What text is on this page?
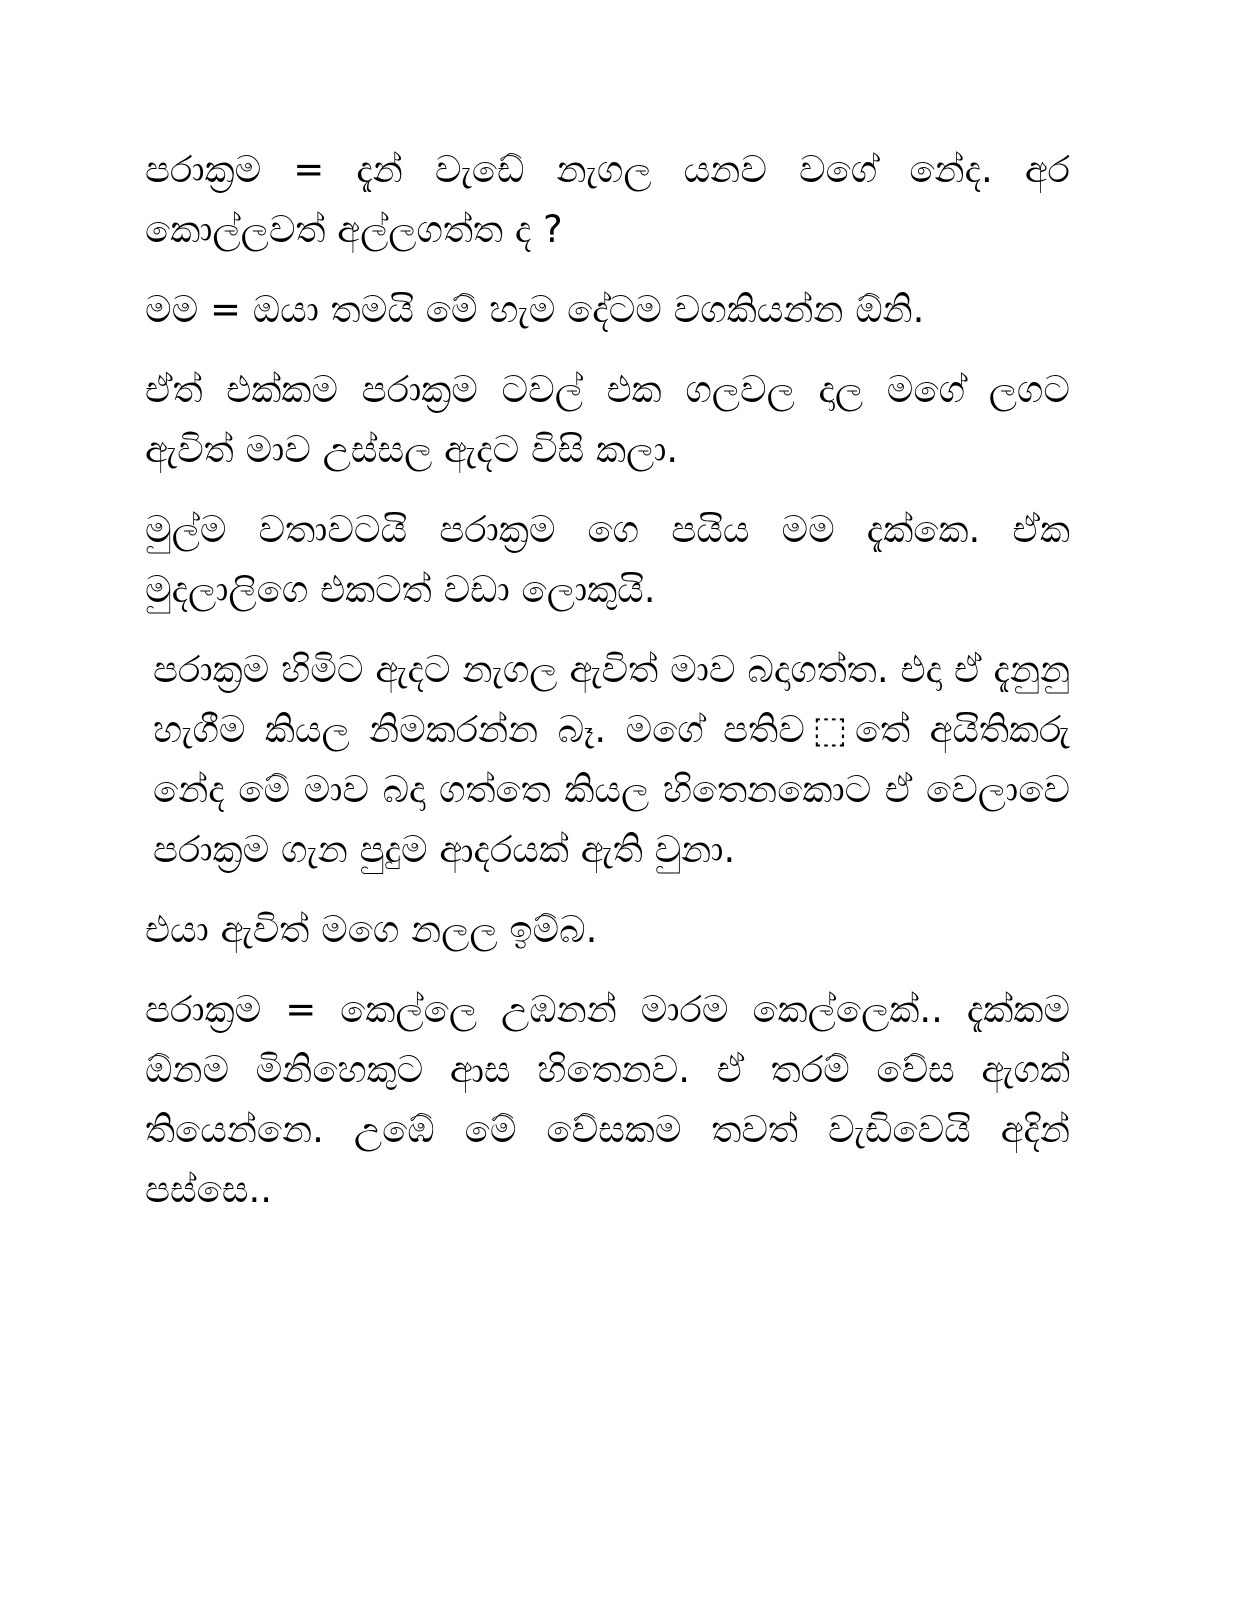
පරාක්‍රම = දැන් වැඩේ නැගල යනව වගේ නේද. අර කොල්ලවත් අල්ලගත්ත ද ?

මම = ඔයා තමයි මේ හැම දේටම වගකියන්න ඕනි.

ඒත් එක්කම පරාක්‍රම ටවල් එක ගලවල දාල මගේ ලගට ඇවිත් මාව උස්සල ඇදට විසි කලා.

මුල්ම වතාවටයි පරාක්‍රම ගෙ පයිය මම දැක්කෙ. ඒක මුදලාලිගෙ එකටත් වඩා ලොකුයි.

පරාක්‍රම හිමිට ඇදට නැගල ඇවිත් මාව බදාගත්ත. එදා ඒ දැනුනු හැගීම කියල නිමකරන්න බෑ. මගේ පතිව⬚තේ අයිතිකරු නේද මේ මාව බදා ගත්තෙ කියල හිතෙනකොට ඒ වෙලාවෙ පරාක්‍රම ගැන පුදුම ආදරයක් ඇති වුනා.

එයා ඇවිත් මගෙ නලල ඉම්බ.

පරාක්‍රම = කෙල්ලෙ උඹනන් මාරම කෙල්ලෙක්.. දැක්කම ඕනම මිනිහෙකුට ආස හිතෙනව. ඒ තරම් වේස ඇගක් තියෙන්නෙ. උඹේ මේ වේසකම තවත් වැඩිවෙයි අදින් පස්සෙ..
